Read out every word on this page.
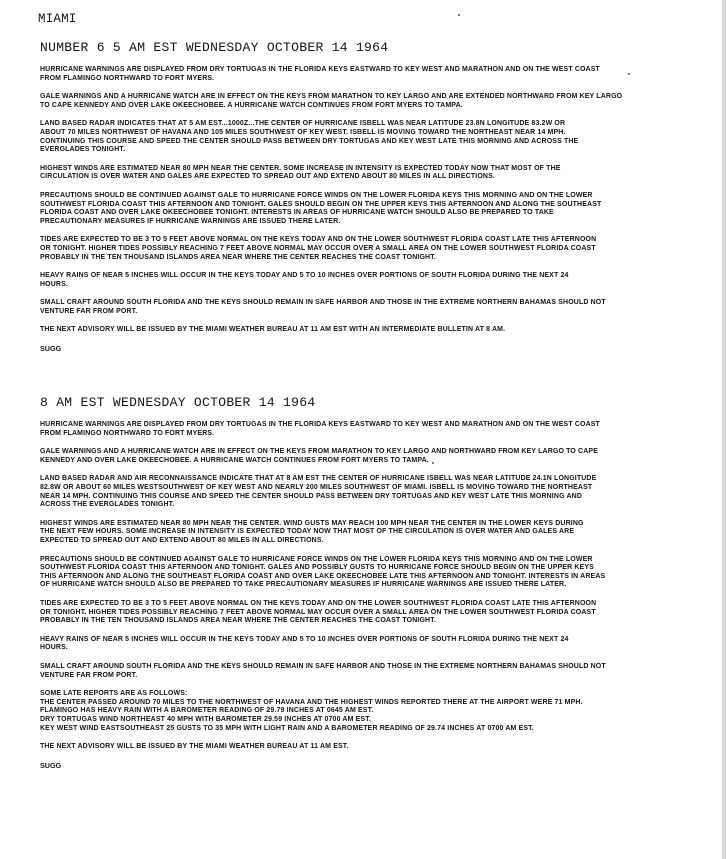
MIAMI
NUMBER 6 5 AM EST WEDNESDAY OCTOBER 14 1964

HURRICANE WARNINGS ARE DISPLAYED FROM DRY TORTUGAS IN THE FLORIDA KEYS EASTWARD TO KEY WEST AND MARATHON AND ON THE WEST COAST
FROM FLAMINGO NORTHWARD TO FORT MYERS.

GALE WARNINGS AND A HURRICANE WATCH ARE IN EFFECT ON THE KEYS FROM MARATHON TO KEY LARGO AND ARE EXTENDED NORTHWARD FROM KEY LARGO
TO CAPE KENNEDY AND OVER LAKE OKEECHOBEE. A HURRICANE WATCH CONTINUES FROM FORT MYERS TO TAMPA.

LAND BASED RADAR INDICATES THAT AT 5 AM EST...1000Z...THE CENTER OF HURRICANE ISBELL WAS NEAR LATITUDE 23.8N LONGITUDE 83.2W OR
ABOUT 70 MILES NORTHWEST OF HAVANA AND 105 MILES SOUTHWEST OF KEY WEST. ISBELL IS MOVING TOWARD THE NORTHEAST NEAR 14 MPH.
CONTINUING THIS COURSE AND SPEED THE CENTER SHOULD PASS BETWEEN DRY TORTUGAS AND KEY WEST LATE THIS MORNING AND ACROSS THE
EVERGLADES TONIGHT.

HIGHEST WINDS ARE ESTIMATED NEAR 80 MPH NEAR THE CENTER. SOME INCREASE IN INTENSITY IS EXPECTED TODAY NOW THAT MOST OF THE
CIRCULATION IS OVER WATER AND GALES ARE EXPECTED TO SPREAD OUT AND EXTEND ABOUT 80 MILES IN ALL DIRECTIONS.

PRECAUTIONS SHOULD BE CONTINUED AGAINST GALE TO HURRICANE FORCE WINDS ON THE LOWER FLORIDA KEYS THIS MORNING AND ON THE LOWER
SOUTHWEST FLORIDA COAST THIS AFTERNOON AND TONIGHT. GALES SHOULD BEGIN ON THE UPPER KEYS THIS AFTERNOON AND ALONG THE SOUTHEAST
FLORIDA COAST AND OVER LAKE OKEECHOBEE TONIGHT. INTERESTS IN AREAS OF HURRICANE WATCH SHOULD ALSO BE PREPARED TO TAKE
PRECAUTIONARY MEASURES IF HURRICANE WARNINGS ARE ISSUED THERE LATER.

TIDES ARE EXPECTED TO BE 3 TO 5 FEET ABOVE NORMAL ON THE KEYS TODAY AND ON THE LOWER SOUTHWEST FLORIDA COAST LATE THIS AFTERNOON
OR TONIGHT. HIGHER TIDES POSSIBLY REACHING 7 FEET ABOVE NORMAL MAY OCCUR OVER A SMALL AREA ON THE LOWER SOUTHWEST FLORIDA COAST
PROBABLY IN THE TEN THOUSAND ISLANDS AREA NEAR WHERE THE CENTER REACHES THE COAST TONIGHT.

HEAVY RAINS OF NEAR 5 INCHES WILL OCCUR IN THE KEYS TODAY AND 5 TO 10 INCHES OVER PORTIONS OF SOUTH FLORIDA DURING THE NEXT 24
HOURS.

SMALL CRAFT AROUND SOUTH FLORIDA AND THE KEYS SHOULD REMAIN IN SAFE HARBOR AND THOSE IN THE EXTREME NORTHERN BAHAMAS SHOULD NOT
VENTURE FAR FROM PORT.

THE NEXT ADVISORY WILL BE ISSUED BY THE MIAMI WEATHER BUREAU AT 11 AM EST WITH AN INTERMEDIATE BULLETIN AT 8 AM.

SUGG
8 AM EST WEDNESDAY OCTOBER 14 1964

HURRICANE WARNINGS ARE DISPLAYED FROM DRY TORTUGAS IN THE FLORIDA KEYS EASTWARD TO KEY WEST AND MARATHON AND ON THE WEST COAST
FROM FLAMINGO NORTHWARD TO FORT MYERS.

GALE WARNINGS AND A HURRICANE WATCH ARE IN EFFECT ON THE KEYS FROM MARATHON TO KEY LARGO AND NORTHWARD FROM KEY LARGO TO CAPE
KENNEDY AND OVER LAKE OKEECHOBEE. A HURRICANE WATCH CONTINUES FROM FORT MYERS TO TAMPA.

LAND BASED RADAR AND AIR RECONNAISSANCE INDICATE THAT AT 8 AM EST THE CENTER OF HURRICANE ISBELL WAS NEAR LATITUDE 24.1N LONGITUDE
82.8W OR ABOUT 60 MILES WESTSOUTHWEST OF KEY WEST AND NEARLY 200 MILES SOUTHWEST OF MIAMI. ISBELL IS MOVING TOWARD THE NORTHEAST
NEAR 14 MPH. CONTINUING THIS COURSE AND SPEED THE CENTER SHOULD PASS BETWEEN DRY TORTUGAS AND KEY WEST LATE THIS MORNING AND
ACROSS THE EVERGLADES TONIGHT.

HIGHEST WINDS ARE ESTIMATED NEAR 80 MPH NEAR THE CENTER. WIND GUSTS MAY REACH 100 MPH NEAR THE CENTER IN THE LOWER KEYS DURING
THE NEXT FEW HOURS. SOME INCREASE IN INTENSITY IS EXPECTED TODAY NOW THAT MOST OF THE CIRCULATION IS OVER WATER AND GALES ARE
EXPECTED TO SPREAD OUT AND EXTEND ABOUT 80 MILES IN ALL DIRECTIONS.

PRECAUTIONS SHOULD BE CONTINUED AGAINST GALE TO HURRICANE FORCE WINDS ON THE LOWER FLORIDA KEYS THIS MORNING AND ON THE LOWER
SOUTHWEST FLORIDA COAST THIS AFTERNOON AND TONIGHT. GALES AND POSSIBLY GUSTS TO HURRICANE FORCE SHOULD BEGIN ON THE UPPER KEYS
THIS AFTERNOON AND ALONG THE SOUTHEAST FLORIDA COAST AND OVER LAKE OKEECHOBEE LATE THIS AFTERNOON AND TONIGHT. INTERESTS IN AREAS
OF HURRICANE WATCH SHOULD ALSO BE PREPARED TO TAKE PRECAUTIONARY MEASURES IF HURRICANE WARNINGS ARE ISSUED THERE LATER.

TIDES ARE EXPECTED TO BE 3 TO 5 FEET ABOVE NORMAL ON THE KEYS TODAY AND ON THE LOWER SOUTHWEST FLORIDA COAST LATE THIS AFTERNOON
OR TONIGHT. HIGHER TIDES POSSIBLY REACHING 7 FEET ABOVE NORMAL MAY OCCUR OVER A SMALL AREA ON THE LOWER SOUTHWEST FLORIDA COAST
PROBABLY IN THE TEN THOUSAND ISLANDS AREA NEAR WHERE THE CENTER REACHES THE COAST TONIGHT.

HEAVY RAINS OF NEAR 5 INCHES WILL OCCUR IN THE KEYS TODAY AND 5 TO 10 INCHES OVER PORTIONS OF SOUTH FLORIDA DURING THE NEXT 24
HOURS.

SMALL CRAFT AROUND SOUTH FLORIDA AND THE KEYS SHOULD REMAIN IN SAFE HARBOR AND THOSE IN THE EXTREME NORTHERN BAHAMAS SHOULD NOT
VENTURE FAR FROM PORT.

SOME LATE REPORTS ARE AS FOLLOWS:
THE CENTER PASSED AROUND 70 MILES TO THE NORTHWEST OF HAVANA AND THE HIGHEST WINDS REPORTED THERE AT THE AIRPORT WERE 71 MPH.
FLAMINGO HAS HEAVY RAIN WITH A BAROMETER READING OF 29.79 INCHES AT 0645 AM EST.
DRY TORTUGAS WIND NORTHEAST 40 MPH WITH BAROMETER 29.59 INCHES AT 0700 AM EST.
KEY WEST WIND EASTSOUTHEAST 25 GUSTS TO 35 MPH WITH LIGHT RAIN AND A BAROMETER READING OF 29.74 INCHES AT 0700 AM EST.

THE NEXT ADVISORY WILL BE ISSUED BY THE MIAMI WEATHER BUREAU AT 11 AM EST.

SUGG
